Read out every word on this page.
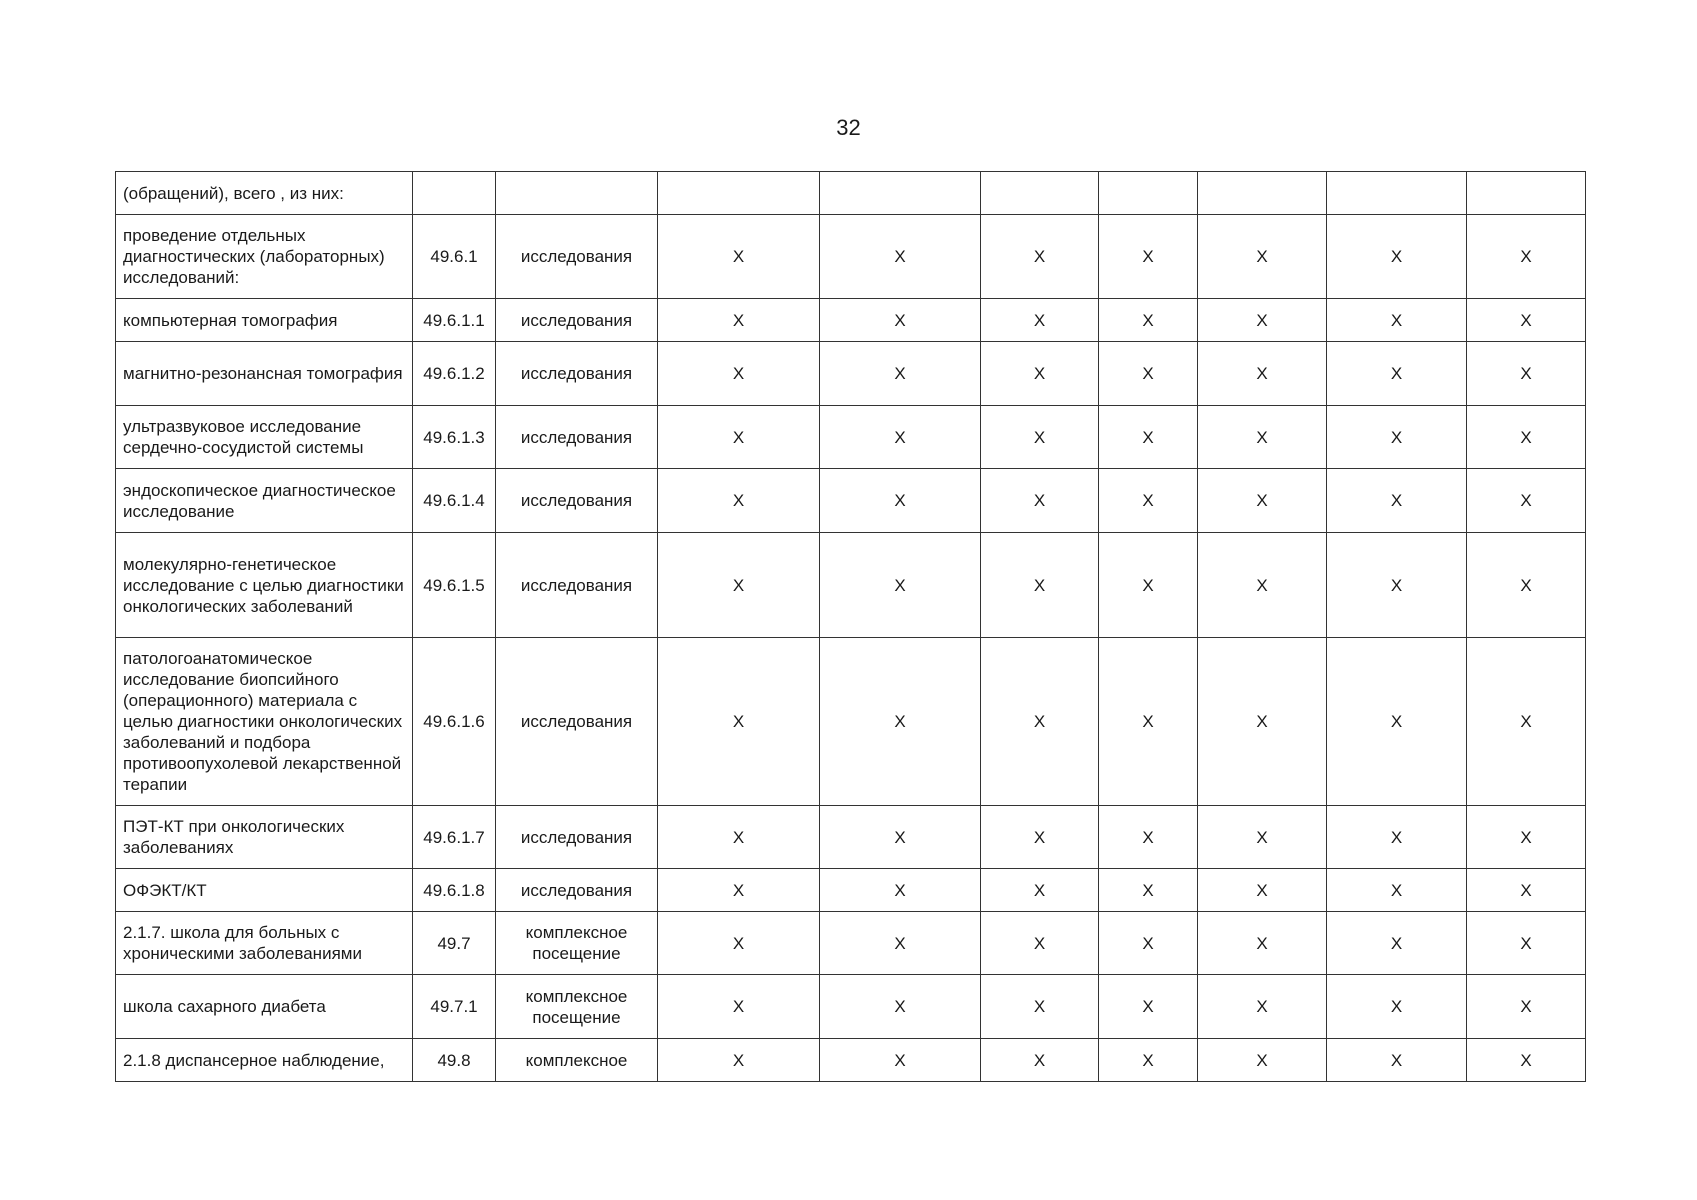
32
(обращений), всего , из них:									
проведение отдельных диагностических (лабораторных) исследований:	49.6.1	исследования	X	X	X	X	X	X	X
компьютерная томография	49.6.1.1	исследования	X	X	X	X	X	X	X
магнитно-резонансная томография	49.6.1.2	исследования	X	X	X	X	X	X	X
ультразвуковое исследование сердечно-сосудистой системы	49.6.1.3	исследования	X	X	X	X	X	X	X
эндоскопическое диагностическое исследование	49.6.1.4	исследования	X	X	X	X	X	X	X
молекулярно-генетическое исследование с целью диагностики онкологических заболеваний	49.6.1.5	исследования	X	X	X	X	X	X	X
патологоанатомическое исследование биопсийного (операционного) материала с целью диагностики онкологических заболеваний и подбора противоопухолевой лекарственной терапии	49.6.1.6	исследования	X	X	X	X	X	X	X
ПЭТ-КТ при онкологических заболеваниях	49.6.1.7	исследования	X	X	X	X	X	X	X
ОФЭКТ/КТ	49.6.1.8	исследования	X	X	X	X	X	X	X
2.1.7. школа для больных с хроническими заболеваниями	49.7	комплексное посещение	X	X	X	X	X	X	X
школа сахарного диабета	49.7.1	комплексное посещение	X	X	X	X	X	X	X
2.1.8 диспансерное наблюдение,	49.8	комплексное	X	X	X	X	X	X	X
